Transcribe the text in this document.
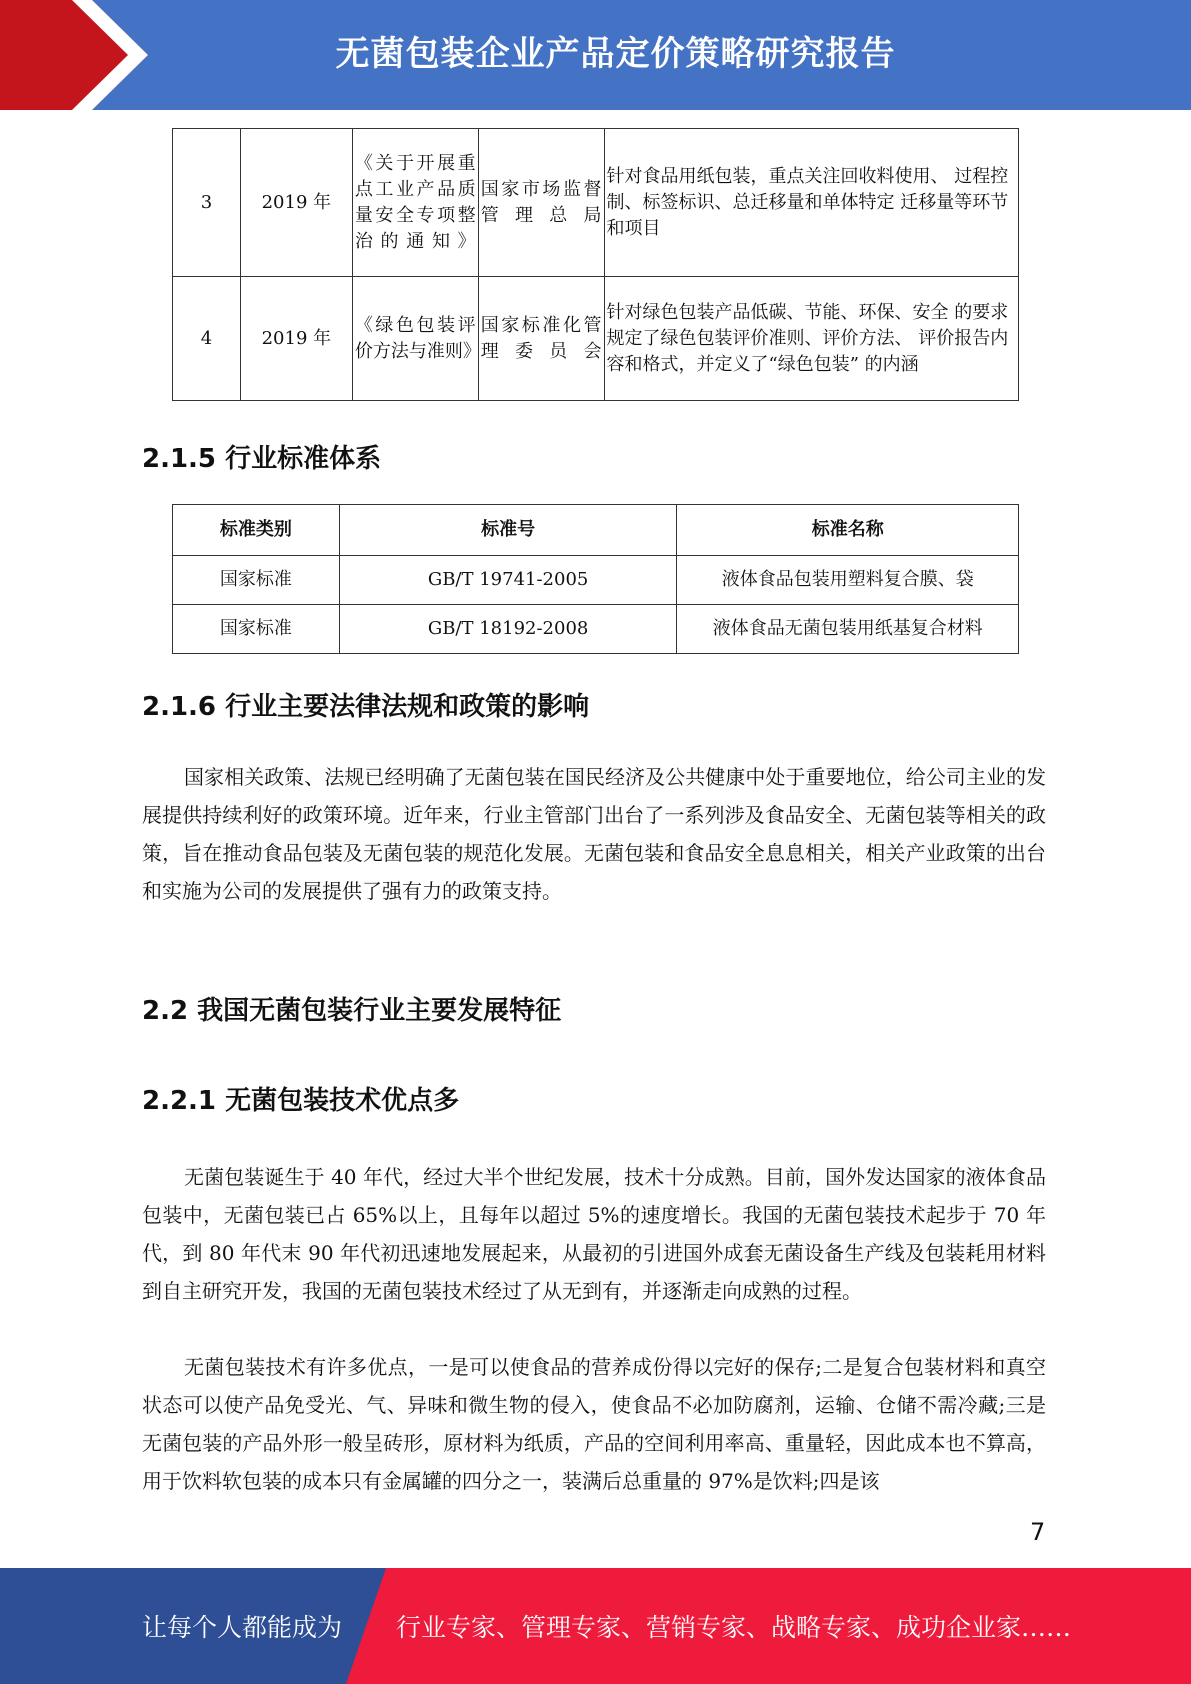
无菌包装企业产品定价策略研究报告
3	2019 年	《关于开展重点工业产品质量安全专项整治的通知》	国家市场监督管理总局	针对食品用纸包装，重点关注回收料使用、 过程控制、标签标识、总迁移量和单体特定 迁移量等环节和项目
4	2019 年	《绿色包装评价方法与准则》	国家标准化管理委员会	针对绿色包装产品低碳、节能、环保、安全 的要求规定了绿色包装评价准则、评价方法、 评价报告内容和格式，并定义了“绿色包装” 的内涵
2.1.5 行业标准体系
标准类别	标准号	标准名称
国家标准	GB/T 19741-2005	液体食品包装用塑料复合膜、袋
国家标准	GB/T 18192-2008	液体食品无菌包装用纸基复合材料
2.1.6 行业主要法律法规和政策的影响

国家相关政策、法规已经明确了无菌包装在国民经济及公共健康中处于重要地位，给公司主业的发展提供持续利好的政策环境。近年来，行业主管部门出台了一系列涉及食品安全、无菌包装等相关的政策，旨在推动食品包装及无菌包装的规范化发展。无菌包装和食品安全息息相关，相关产业政策的出台和实施为公司的发展提供了强有力的政策支持。

2.2 我国无菌包装行业主要发展特征
2.2.1 无菌包装技术优点多

无菌包装诞生于 40 年代，经过大半个世纪发展，技术十分成熟。目前，国外发达国家的液体食品包装中，无菌包装已占 65%以上，且每年以超过 5%的速度增长。我国的无菌包装技术起步于 70 年代，到 80 年代末 90 年代初迅速地发展起来，从最初的引进国外成套无菌设备生产线及包装耗用材料到自主研究开发，我国的无菌包装技术经过了从无到有，并逐渐走向成熟的过程。

无菌包装技术有许多优点，一是可以使食品的营养成份得以完好的保存;二是复合包装材料和真空状态可以使产品免受光、气、异味和微生物的侵入，使食品不必加防腐剂，运输、仓储不需冷藏;三是无菌包装的产品外形一般呈砖形，原材料为纸质，产品的空间利用率高、重量轻，因此成本也不算高，用于饮料软包装的成本只有金属罐的四分之一，装满后总重量的 97%是饮料;四是该

7
让每个人都能成为 行业专家、管理专家、营销专家、战略专家、成功企业家……
